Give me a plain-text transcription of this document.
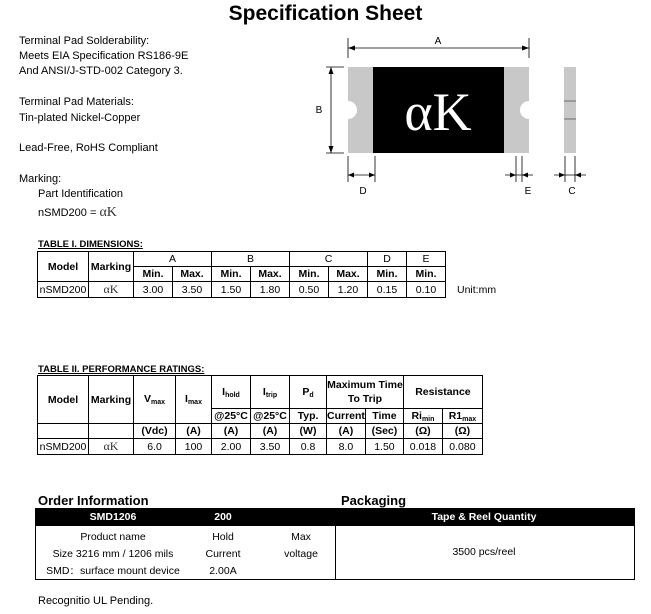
Specification Sheet
Terminal Pad Solderability:
Meets EIA Specification RS186-9E
And ANSI/J-STD-002 Category 3.
Terminal Pad Materials:
Tin-plated Nickel-Copper
Lead-Free, RoHS Compliant
Marking:
Part Identification
nSMD200 = αK
A
B αK
D	E	C
TABLE I. DIMENSIONS:
Model	Marking	A		B		C		D	E
		Min.	Max.	Min.	Max.	Min.	Max.	Min.	Min.
nSMD200	αK	3.00	3.50	1.50	1.80	0.50	1.20	0.15	0.10 Unit:mm
TABLE II. PERFORMANCE RATINGS:
Model	Marking	$V_{max}$	$I_{max}$	$I_{hold}$	$I_{trip}$	$P_d$	Maximum Time To Trip		Resistance	
				@25°C	@25°C	Typ.	Current	Time	$Ri_{min}$	$R1_{max}$
		(Vdc)	(A)	(A)	(A)	(W)	(A)	(Sec)	(Ω)	(Ω)
nSMD200	αK	6.0	100	2.00	3.50	0.8	8.0	1.50	0.018	0.080
Order Information	Packaging
SMD1206	200	Tape & Reel Quantity
Product name	Hold	Max
Size 3216 mm / 1206 mils	Current	voltage
SMD：surface mount device	2.00A
3500 pcs/reel
Recognitio UL Pending.
